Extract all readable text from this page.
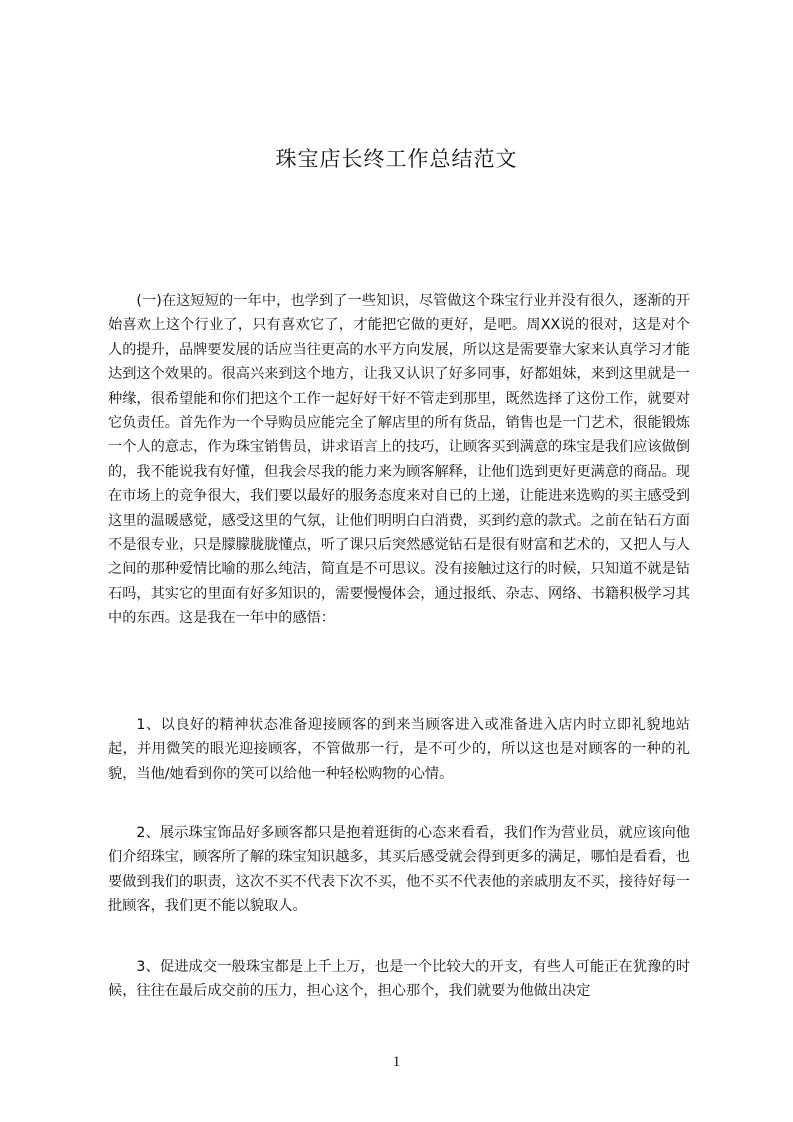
珠宝店长终工作总结范文

(一)在这短短的一年中，也学到了一些知识，尽管做这个珠宝行业并没有很久，逐渐的开始喜欢上这个行业了，只有喜欢它了，才能把它做的更好，是吧。周XX说的很对，这是对个人的提升，品牌要发展的话应当往更高的水平方向发展，所以这是需要靠大家来认真学习才能达到这个效果的。很高兴来到这个地方，让我又认识了好多同事，好都姐妹，来到这里就是一种缘，很希望能和你们把这个工作一起好好干好不管走到那里，既然选择了这份工作，就要对它负责任。首先作为一个导购员应能完全了解店里的所有货品，销售也是一门艺术，很能锻炼一个人的意志，作为珠宝销售员，讲求语言上的技巧，让顾客买到满意的珠宝是我们应该做倒的，我不能说我有好懂，但我会尽我的能力来为顾客解释，让他们选到更好更满意的商品。现在市场上的竞争很大，我们要以最好的服务态度来对自已的上递，让能进来选购的买主感受到这里的温暖感觉，感受这里的气氛，让他们明明白白消费，买到约意的款式。之前在钻石方面不是很专业，只是朦朦胧胧懂点，听了课只后突然感觉钻石是很有财富和艺术的，又把人与人之间的那种爱情比喻的那么纯洁，简直是不可思议。没有接触过这行的时候，只知道不就是钻石吗，其实它的里面有好多知识的，需要慢慢体会，通过报纸、杂志、网络、书籍积极学习其中的东西。这是我在一年中的感悟：

1、以良好的精神状态准备迎接顾客的到来当顾客进入或准备进入店内时立即礼貌地站起，并用微笑的眼光迎接顾客，不管做那一行，是不可少的，所以这也是对顾客的一种的礼貌，当他/她看到你的笑可以给他一种轻松购物的心情。

2、展示珠宝饰品好多顾客都只是抱着逛街的心态来看看，我们作为营业员，就应该向他们介绍珠宝，顾客所了解的珠宝知识越多，其买后感受就会得到更多的满足，哪怕是看看，也要做到我们的职责，这次不买不代表下次不买，他不买不代表他的亲戚朋友不买，接待好每一批顾客，我们更不能以貌取人。

3、促进成交一般珠宝都是上千上万，也是一个比较大的开支，有些人可能正在犹豫的时候，往往在最后成交前的压力，担心这个，担心那个，我们就要为他做出决定

1
